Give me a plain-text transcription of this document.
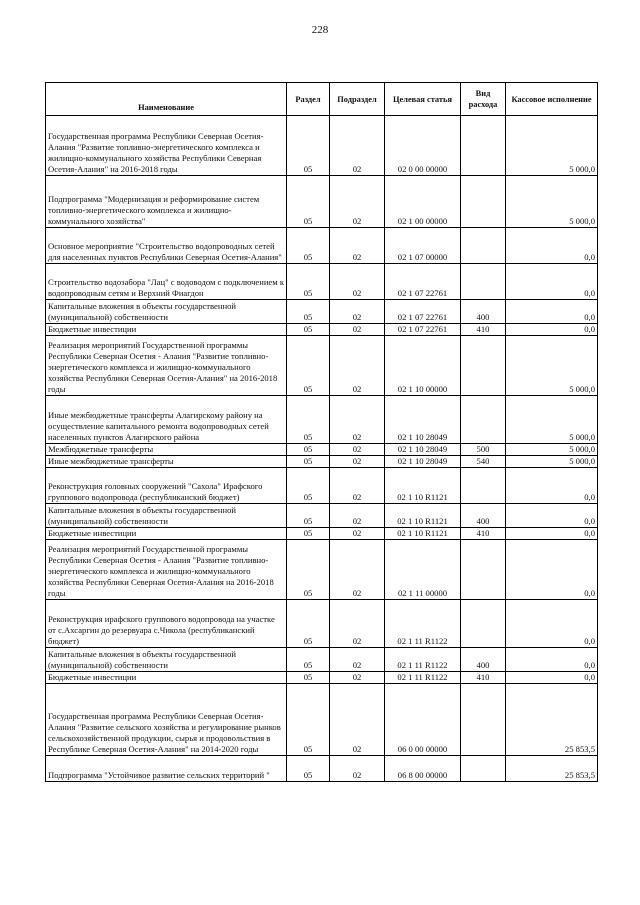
228
Наименование	Раздел	Подраздел	Целевая статья	Вид расхода	Кассовое исполнение
Государственная программа Республики Северная Осетия-Алания "Развитие топливно-энергетического комплекса и жилищно-коммунального хозяйства Республики Северная Осетия-Алания" на 2016-2018 годы	05	02	02 0 00 00000		5 000,0
Подпрограмма "Модернизация и реформирование систем топливно-энергетического комплекса и жилищно-коммунального хозяйства"	05	02	02 1 00 00000		5 000,0
Основное мероприятие "Строительство водопроводных сетей для населенных пунктов Республики Северная Осетия-Алания"	05	02	02 1 07 00000		0,0
Строительство водозабора "Лац" с водоводом с подключением к водопроводным сетям и Верхний Фиагдон	05	02	02 1 07 22761		0,0
Капитальные вложения в объекты государственной (муниципальной) собственности	05	02	02 1 07 22761	400	0,0
Бюджетные инвестиции	05	02	02 1 07 22761	410	0,0
Реализация мероприятий Государственной программы Республики Северная Осетия - Алания "Развитие топливно-энергетического комплекса и жилищно-коммунального хозяйства Республики Северная Осетия-Алания" на 2016-2018 годы	05	02	02 1 10 00000		5 000,0
Иные межбюджетные трансферты Алагирскому району на осуществление капитального ремонта водопроводных сетей населенных пунктов Алагирского района	05	02	02 1 10 28049		5 000,0
Межбюджетные трансферты	05	02	02 1 10 28049	500	5 000,0
Иные межбюджетные трансферты	05	02	02 1 10 28049	540	5 000,0
Реконструкция головных сооружений "Сахола" Ирафского группового водопровода (республиканский бюджет)	05	02	02 1 10 R1121		0,0
Капитальные вложения в объекты государственной (муниципальной) собственности	05	02	02 1 10 R1121	400	0,0
Бюджетные инвестиции	05	02	02 1 10 R1121	410	0,0
Реализация мероприятий Государственной программы Республики Северная Осетия - Алания "Развитие топливно-энергетического комплекса и жилищно-коммунального хозяйства Республики Северная Осетия-Алания на 2016-2018 годы	05	02	02 1 11 00000		0,0
Реконструкция ирафского группового водопровода на участке от с.Ахсаргин до резервуара с.Чикола (республиканский бюджет)	05	02	02 1 11 R1122		0,0
Капитальные вложения в объекты государственной (муниципальной) собственности	05	02	02 1 11 R1122	400	0,0
Бюджетные инвестиции	05	02	02 1 11 R1122	410	0,0
Государственная программа Республики Северная Осетия-Алания "Развитие сельского хозяйства и регулирование рынков сельскохозяйственной продукции, сырья и продовольствия в Республике Северная Осетия-Алания" на 2014-2020 годы	05	02	06 0 00 00000		25 853,5
Подпрограмма "Устойчивое развитие сельских территорий "	05	02	06 8 00 00000		25 853,5
